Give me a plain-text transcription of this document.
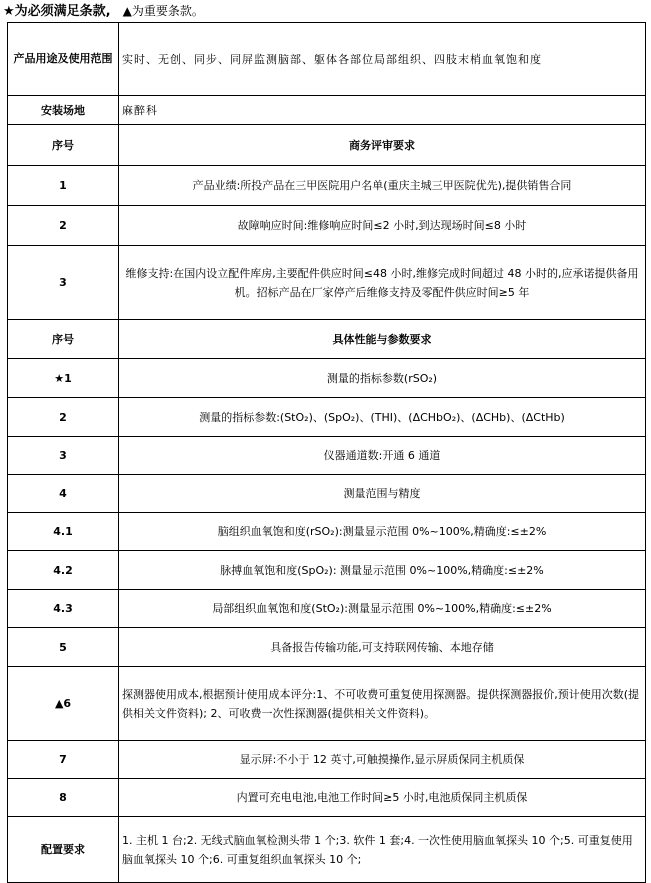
★为必须满足条款, ▲为重要条款。
产品用途及使用范围	实时、无创、同步、同屏监测脑部、躯体各部位局部组织、四肢末梢血氧饱和度
安装场地	麻醉科
序号	商务评审要求
1	产品业绩:所投产品在三甲医院用户名单(重庆主城三甲医院优先),提供销售合同
2	故障响应时间:维修响应时间≤2 小时,到达现场时间≤8 小时
3	维修支持:在国内设立配件库房,主要配件供应时间≤48 小时,维修完成时间超过 48 小时的,应承诺提供备用机。招标产品在厂家停产后维修支持及零配件供应时间≥5 年
序号	具体性能与参数要求
★1	测量的指标参数(rSO₂)
2	测量的指标参数:(StO₂)、(SpO₂)、(THI)、(ΔCHbO₂)、(ΔCHb)、(ΔCtHb)
3	仪器通道数:开通 6 通道
4	测量范围与精度
4.1	脑组织血氧饱和度(rSO₂):测量显示范围 0%~100%,精确度:≤±2%
4.2	脉搏血氧饱和度(SpO₂): 测量显示范围 0%~100%,精确度:≤±2%
4.3	局部组织血氧饱和度(StO₂):测量显示范围 0%~100%,精确度:≤±2%
5	具备报告传输功能,可支持联网传输、本地存储
▲6	探测器使用成本,根据预计使用成本评分:1、不可收费可重复使用探测器。提供探测器报价,预计使用次数(提供相关文件资料); 2、可收费一次性探测器(提供相关文件资料)。
7	显示屏:不小于 12 英寸,可触摸操作,显示屏质保同主机质保
8	内置可充电电池,电池工作时间≥5 小时,电池质保同主机质保
配置要求	1. 主机 1 台;2. 无线式脑血氧检测头带 1 个;3. 软件 1 套;4. 一次性使用脑血氧探头 10 个;5. 可重复使用脑血氧探头 10 个;6. 可重复组织血氧探头 10 个;
